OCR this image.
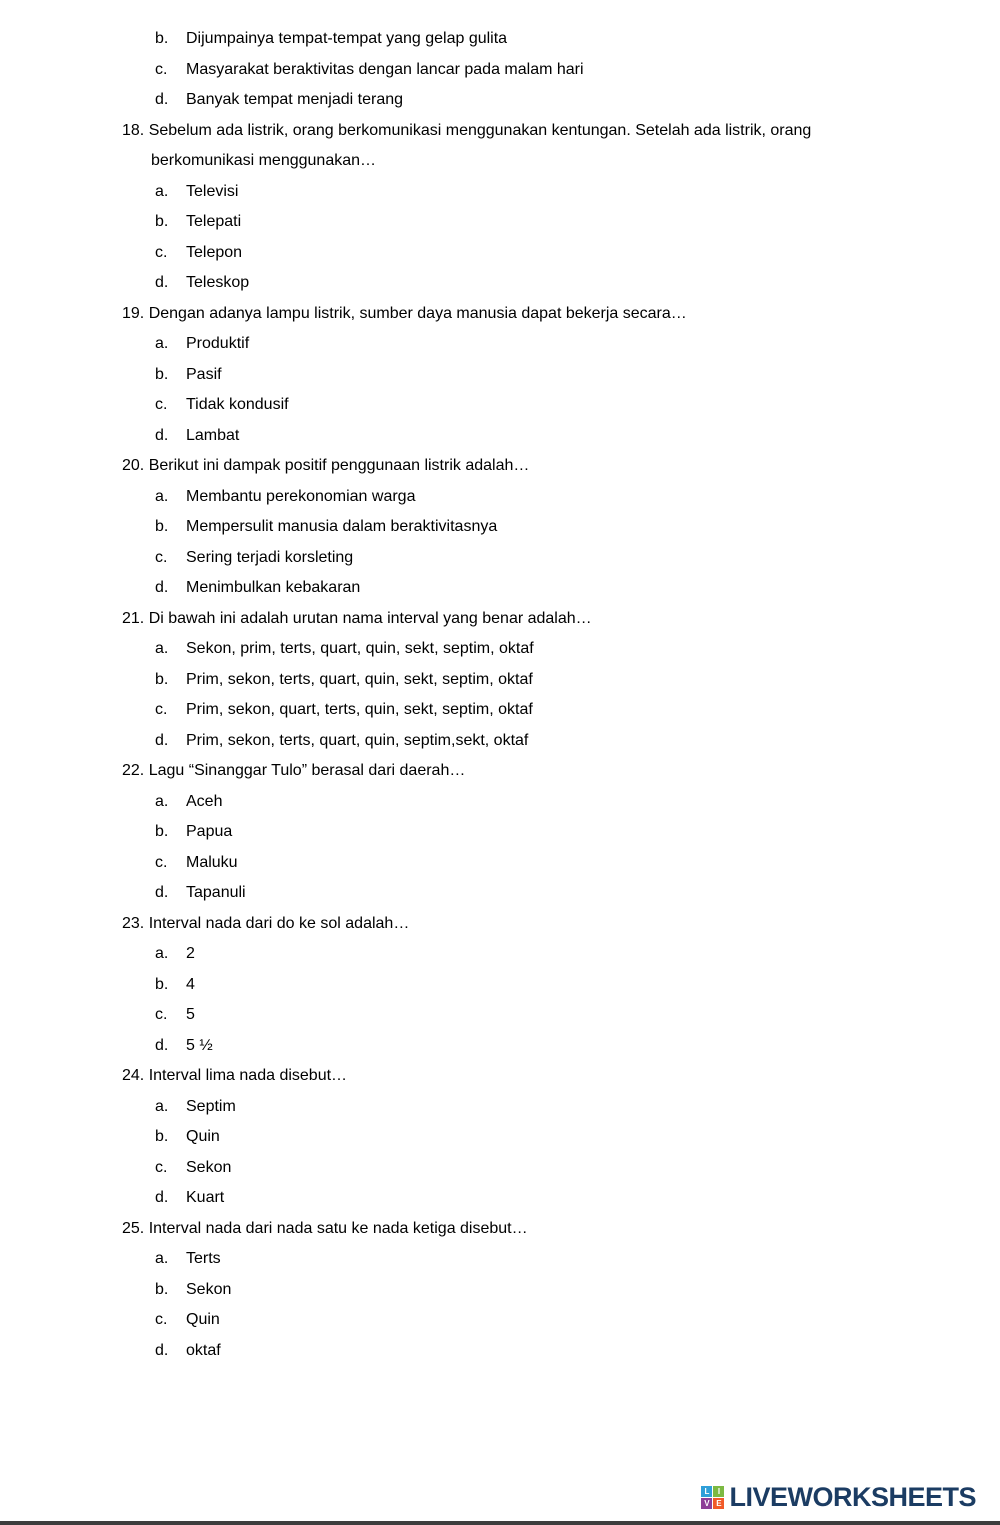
b.	Dijumpainya tempat-tempat yang gelap gulita
c.	Masyarakat beraktivitas dengan lancar pada malam hari
d.	Banyak tempat menjadi terang
18. Sebelum ada listrik, orang berkomunikasi menggunakan kentungan. Setelah ada listrik, orang berkomunikasi menggunakan…
a.	Televisi
b.	Telepati
c.	Telepon
d.	Teleskop
19. Dengan adanya lampu listrik, sumber daya manusia dapat bekerja secara…
a.	Produktif
b.	Pasif
c.	Tidak kondusif
d.	Lambat
20. Berikut ini dampak positif penggunaan listrik adalah…
a.	Membantu perekonomian warga
b.	Mempersulit manusia dalam beraktivitasnya
c.	Sering terjadi korsleting
d.	Menimbulkan kebakaran
21. Di bawah ini adalah urutan nama interval yang benar adalah…
a.	Sekon, prim, terts, quart, quin, sekt, septim, oktaf
b.	Prim, sekon, terts, quart, quin, sekt, septim, oktaf
c.	Prim, sekon, quart, terts, quin, sekt, septim, oktaf
d.	Prim, sekon, terts, quart, quin, septim,sekt, oktaf
22. Lagu “Sinanggar Tulo” berasal dari daerah…
a.	Aceh
b.	Papua
c.	Maluku
d.	Tapanuli
23. Interval nada dari do ke sol adalah…
a.	2
b.	4
c.	5
d.	5 ½
24. Interval lima nada disebut…
a.	Septim
b.	Quin
c.	Sekon
d.	Kuart
25. Interval nada dari nada satu ke nada ketiga disebut…
a.	Terts
b.	Sekon
c.	Quin
d.	oktaf
L	I
V E LIVEWORKSHEETS
